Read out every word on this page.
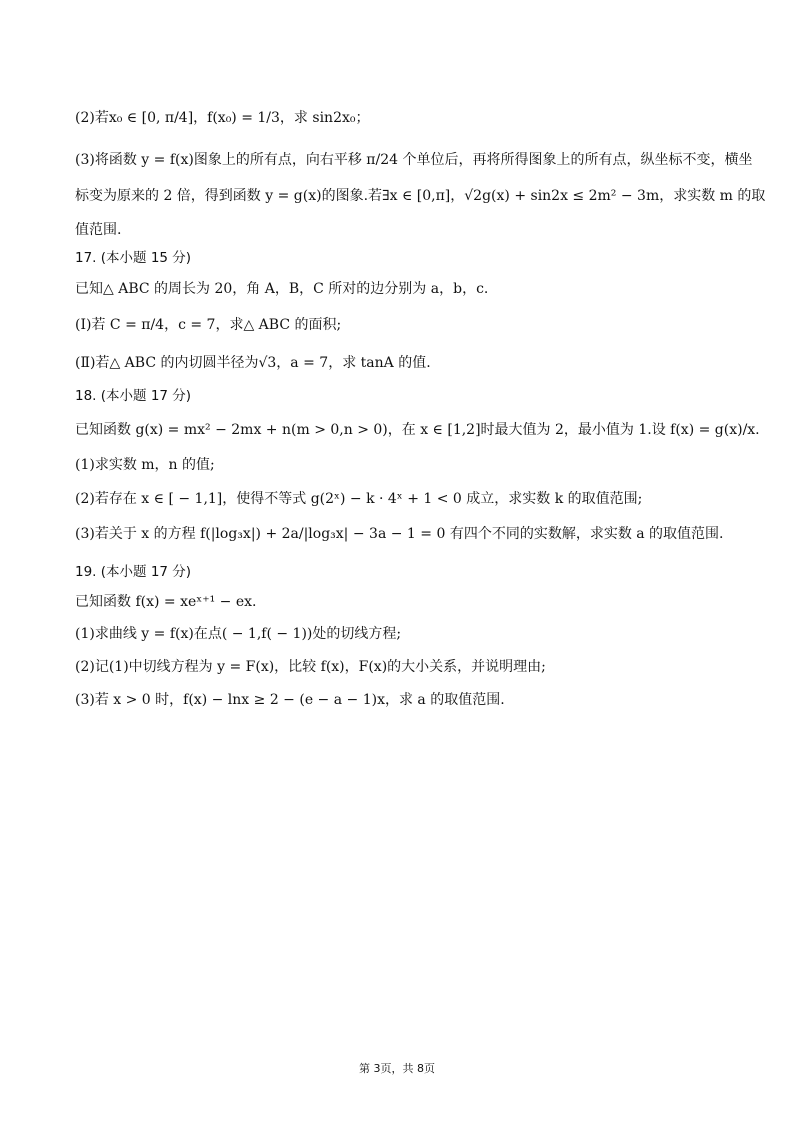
(2)若x₀ ∈ [0, π/4]，f(x₀) = 1/3，求 sin2x₀；
(3)将函数 y = f(x)图象上的所有点，向右平移 π/24 个单位后，再将所得图象上的所有点，纵坐标不变，横坐
标变为原来的 2 倍，得到函数 y = g(x)的图象.若∃x ∈ [0,π]，√2g(x) + sin2x ≤ 2m² − 3m，求实数 m 的取
值范围.
17. (本小题 15 分)
已知△ ABC 的周长为 20，角 A，B，C 所对的边分别为 a，b，c.
(Ⅰ)若 C = π/4，c = 7，求△ ABC 的面积;
(Ⅱ)若△ ABC 的内切圆半径为√3，a = 7，求 tanA 的值.
18. (本小题 17 分)
已知函数 g(x) = mx² − 2mx + n(m > 0,n > 0)，在 x ∈ [1,2]时最大值为 2，最小值为 1.设 f(x) = g(x)/x.
(1)求实数 m，n 的值;
(2)若存在 x ∈ [ − 1,1]，使得不等式 g(2ˣ) − k · 4ˣ + 1 < 0 成立，求实数 k 的取值范围;
(3)若关于 x 的方程 f(|log₃x|) + 2a/|log₃x| − 3a − 1 = 0 有四个不同的实数解，求实数 a 的取值范围.
19. (本小题 17 分)
已知函数 f(x) = xeˣ⁺¹ − ex.
(1)求曲线 y = f(x)在点( − 1,f( − 1))处的切线方程;
(2)记(1)中切线方程为 y = F(x)，比较 f(x)，F(x)的大小关系，并说明理由;
(3)若 x > 0 时，f(x) − lnx ≥ 2 − (e − a − 1)x，求 a 的取值范围.
第 3页，共 8页
